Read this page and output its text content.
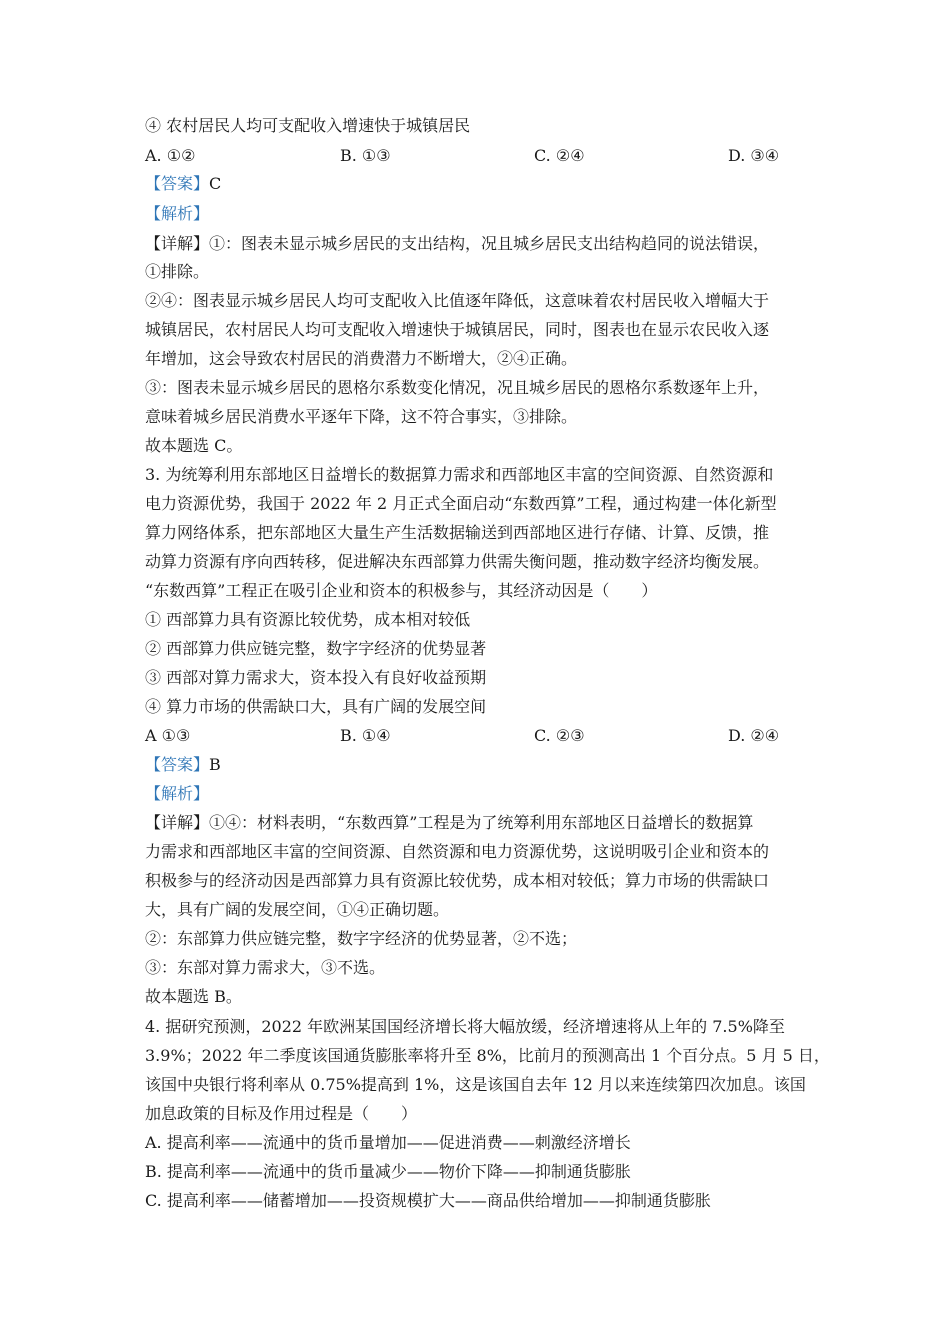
④ 农村居民人均可支配收入增速快于城镇居民
A. ①②	B. ①③	C. ②④	D. ③④
【答案】C
【解析】
【详解】①：图表未显示城乡居民的支出结构，况且城乡居民支出结构趋同的说法错误，
①排除。
②④：图表显示城乡居民人均可支配收入比值逐年降低，这意味着农村居民收入增幅大于
城镇居民，农村居民人均可支配收入增速快于城镇居民，同时，图表也在显示农民收入逐
年增加，这会导致农村居民的消费潜力不断增大，②④正确。
③：图表未显示城乡居民的恩格尔系数变化情况，况且城乡居民的恩格尔系数逐年上升，
意味着城乡居民消费水平逐年下降，这不符合事实，③排除。
故本题选 C。
3. 为统筹利用东部地区日益增长的数据算力需求和西部地区丰富的空间资源、自然资源和
电力资源优势，我国于 2022 年 2 月正式全面启动“东数西算”工程，通过构建一体化新型
算力网络体系，把东部地区大量生产生活数据输送到西部地区进行存储、计算、反馈，推
动算力资源有序向西转移，促进解决东西部算力供需失衡问题，推动数字经济均衡发展。
“东数西算”工程正在吸引企业和资本的积极参与，其经济动因是（　　）
① 西部算力具有资源比较优势，成本相对较低
② 西部算力供应链完整，数字字经济的优势显著
③ 西部对算力需求大，资本投入有良好收益预期
④ 算力市场的供需缺口大，具有广阔的发展空间
A ①③	B. ①④	C. ②③	D. ②④
【答案】B
【解析】
【详解】①④：材料表明，“东数西算”工程是为了统筹利用东部地区日益增长的数据算
力需求和西部地区丰富的空间资源、自然资源和电力资源优势，这说明吸引企业和资本的
积极参与的经济动因是西部算力具有资源比较优势，成本相对较低；算力市场的供需缺口
大，具有广阔的发展空间，①④正确切题。
②：东部算力供应链完整，数字字经济的优势显著，②不选；
③：东部对算力需求大，③不选。
故本题选 B。
4. 据研究预测，2022 年欧洲某国国经济增长将大幅放缓，经济增速将从上年的 7.5%降至
3.9%；2022 年二季度该国通货膨胀率将升至 8%，比前月的预测高出 1 个百分点。5 月 5 日，
该国中央银行将利率从 0.75%提高到 1%，这是该国自去年 12 月以来连续第四次加息。该国
加息政策的目标及作用过程是（　　）
A. 提高利率——流通中的货币量增加——促进消费——刺激经济增长
B. 提高利率——流通中的货币量减少——物价下降——抑制通货膨胀
C. 提高利率——储蓄增加——投资规模扩大——商品供给增加——抑制通货膨胀
